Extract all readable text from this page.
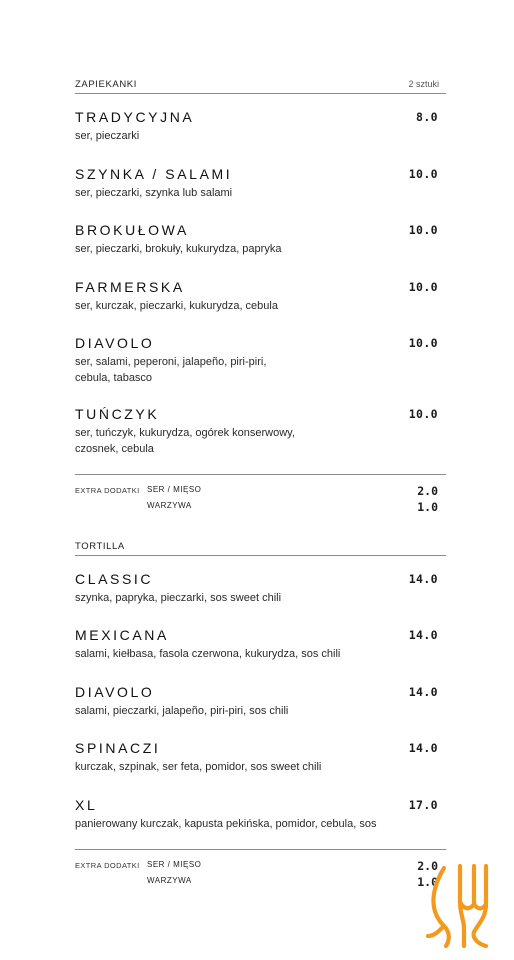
ZAPIEKANKI	2 sztuki
TRADYCYJNA	8.0
ser, pieczarki
SZYNKA / SALAMI	10.0
ser, pieczarki, szynka lub salami
BROKUŁOWA	10.0
ser, pieczarki, brokuły, kukurydza, papryka
FARMERSKA	10.0
ser, kurczak, pieczarki, kukurydza, cebula
DIAVOLO	10.0
ser, salami, peperoni, jalapeño, piri-piri, cebula, tabasco
TUŃCZYK	10.0
ser, tuńczyk, kukurydza, ogórek konserwowy, czosnek, cebula
EXTRA DODATKI SER / MIĘSO	2.0
WARZYWA	1.0
TORTILLA
CLASSIC	14.0
szynka, papryka, pieczarki, sos sweet chili
MEXICANA	14.0
salami, kiełbasa, fasola czerwona, kukurydza, sos chili
DIAVOLO	14.0
salami, pieczarki, jalapeño, piri-piri, sos chili
SPINACZI	14.0
kurczak, szpinak, ser feta, pomidor, sos sweet chili
XL	17.0
panierowany kurczak, kapusta pekińska, pomidor, cebula, sos
EXTRA DODATKI SER / MIĘSO	2.0
WARZYWA	1.0
